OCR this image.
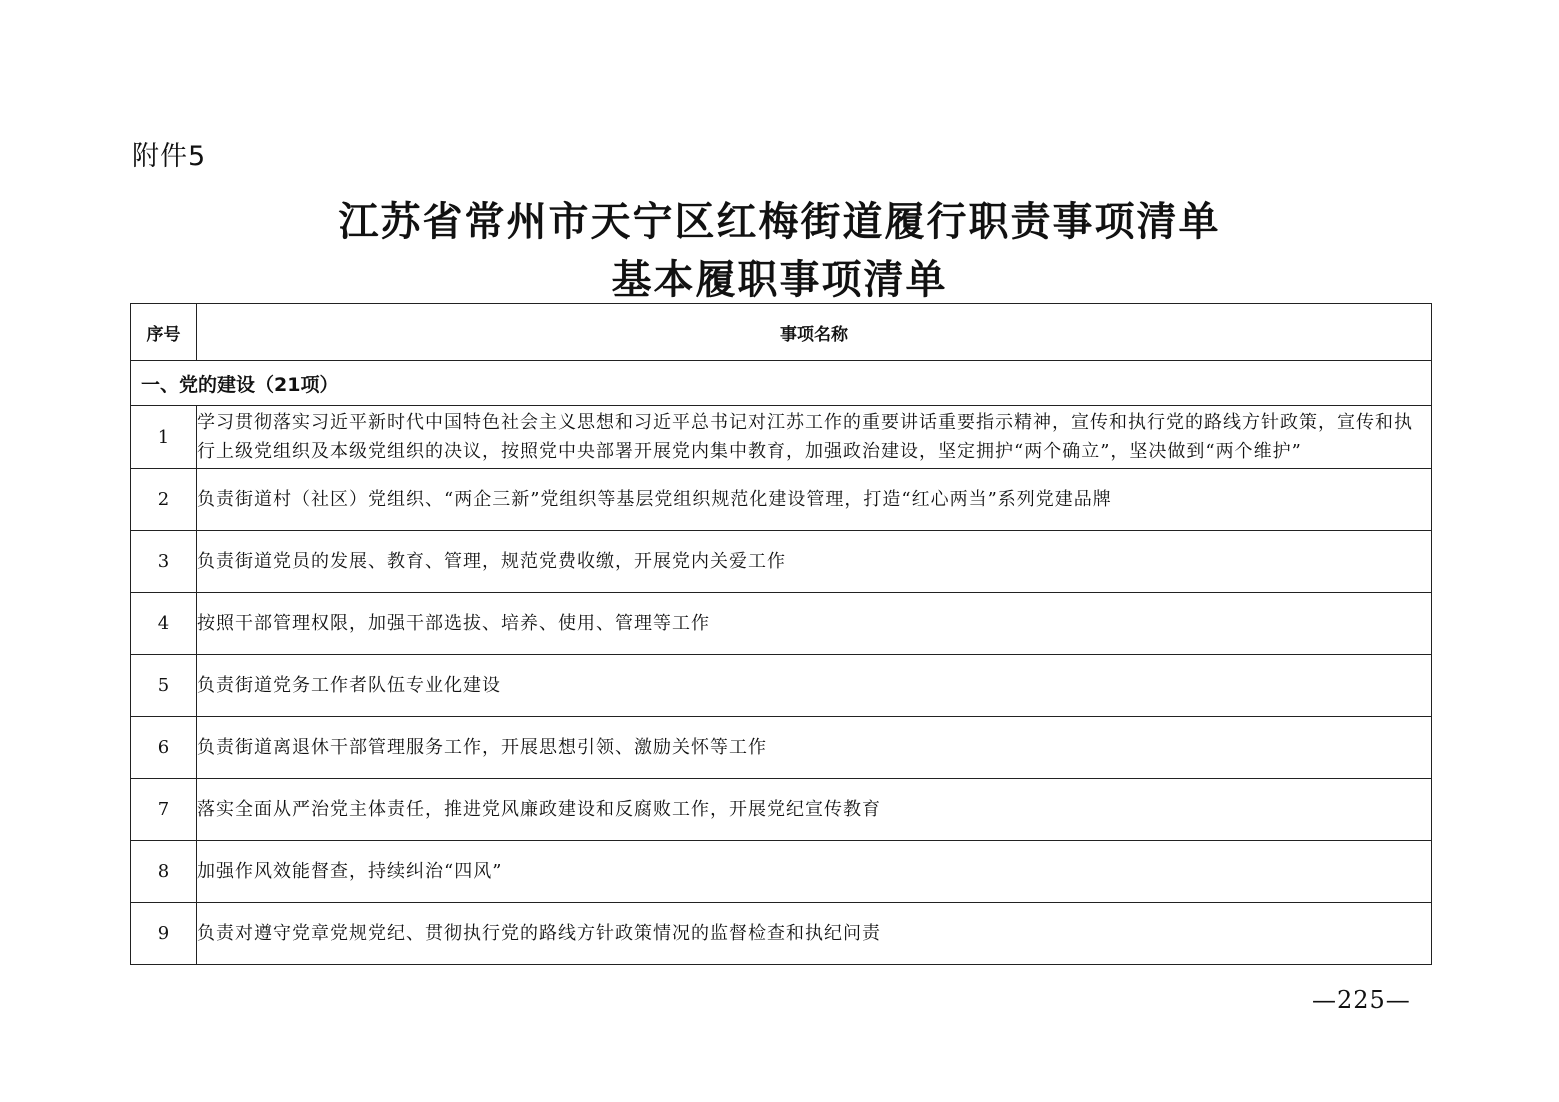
附件5
江苏省常州市天宁区红梅街道履行职责事项清单
基本履职事项清单
序号	事项名称
一、党的建设（21项）	
1	学习贯彻落实习近平新时代中国特色社会主义思想和习近平总书记对江苏工作的重要讲话重要指示精神，宣传和执行党的路线方针政策，宣传和执行上级党组织及本级党组织的决议，按照党中央部署开展党内集中教育，加强政治建设，坚定拥护“两个确立”，坚决做到“两个维护”
2	负责街道村（社区）党组织、“两企三新”党组织等基层党组织规范化建设管理，打造“红心两当”系列党建品牌
3	负责街道党员的发展、教育、管理，规范党费收缴，开展党内关爱工作
4	按照干部管理权限，加强干部选拔、培养、使用、管理等工作
5	负责街道党务工作者队伍专业化建设
6	负责街道离退休干部管理服务工作，开展思想引领、激励关怀等工作
7	落实全面从严治党主体责任，推进党风廉政建设和反腐败工作，开展党纪宣传教育
8	加强作风效能督查，持续纠治“四风”
9	负责对遵守党章党规党纪、贯彻执行党的路线方针政策情况的监督检查和执纪问责
—225—
